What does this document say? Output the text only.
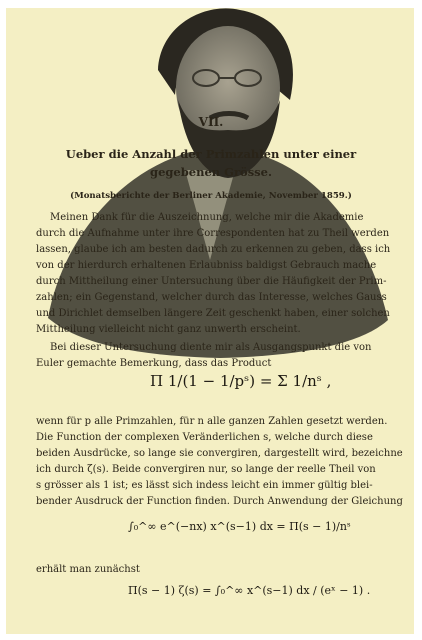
VII.
Ueber die Anzahl der Primzahlen unter einer
gegebenen Grösse.
(Monatsberichte der Berliner Akademie, November 1859.)
Meinen Dank für die Auszeichnung, welche mir die Akademie
durch die Aufnahme unter ihre Correspondenten hat zu Theil werden
lassen, glaube ich am besten dadurch zu erkennen zu geben, dass ich
von der hierdurch erhaltenen Erlaubniss baldigst Gebrauch mache
durch Mittheilung einer Untersuchung über die Häufigkeit der Prim-
zahlen; ein Gegenstand, welcher durch das Interesse, welches Gauss
und Dirichlet demselben längere Zeit geschenkt haben, einer solchen
Mittheilung vielleicht nicht ganz unwerth erscheint.
Bei dieser Untersuchung diente mir als Ausgangspunkt die von
Euler gemachte Bemerkung, dass das Product
Π 1/(1 − 1/pˢ) = Σ 1/nˢ ,
wenn für p alle Primzahlen, für n alle ganzen Zahlen gesetzt werden.
Die Function der complexen Veränderlichen s, welche durch diese
beiden Ausdrücke, so lange sie convergiren, dargestellt wird, bezeichne
ich durch ζ(s). Beide convergiren nur, so lange der reelle Theil von
s grösser als 1 ist; es lässt sich indess leicht ein immer gültig blei-
bender Ausdruck der Function finden. Durch Anwendung der Gleichung
∫₀^∞ e^(−nx) x^(s−1) dx = Π(s − 1)/nˢ
erhält man zunächst
Π(s − 1) ζ(s) = ∫₀^∞ x^(s−1) dx / (eˣ − 1) .
